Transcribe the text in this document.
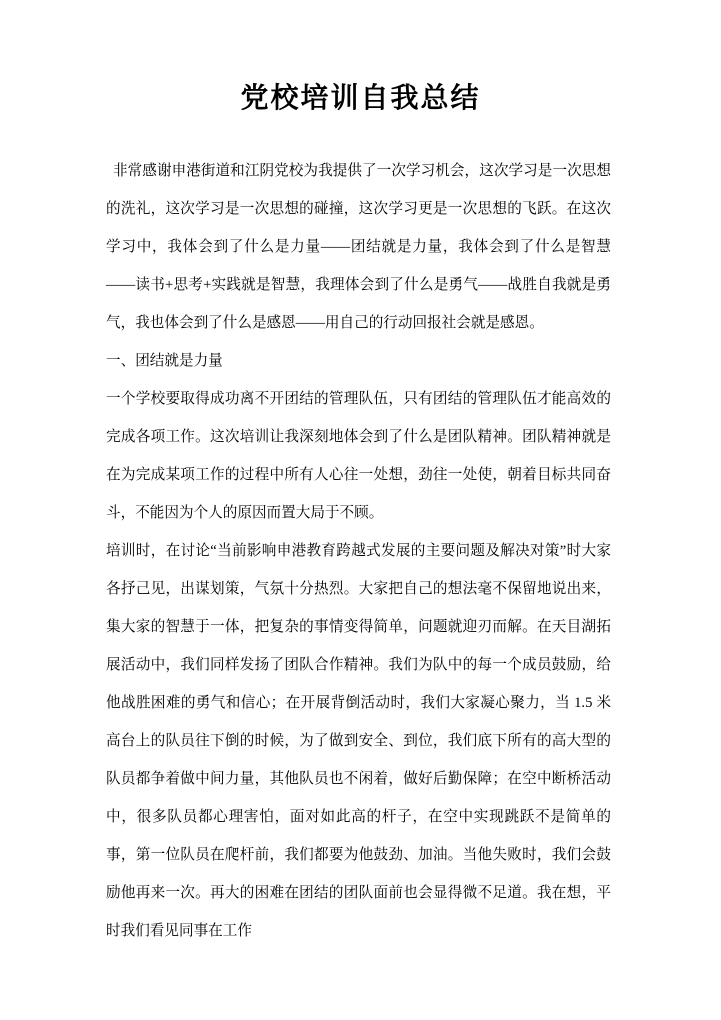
党校培训自我总结

非常感谢申港街道和江阴党校为我提供了一次学习机会，这次学习是一次思想的洗礼，这次学习是一次思想的碰撞，这次学习更是一次思想的飞跃。在这次学习中，我体会到了什么是力量——团结就是力量，我体会到了什么是智慧——读书+思考+实践就是智慧，我理体会到了什么是勇气——战胜自我就是勇气，我也体会到了什么是感恩——用自己的行动回报社会就是感恩。

一、团结就是力量

一个学校要取得成功离不开团结的管理队伍，只有团结的管理队伍才能高效的完成各项工作。这次培训让我深刻地体会到了什么是团队精神。团队精神就是在为完成某项工作的过程中所有人心往一处想，劲往一处使，朝着目标共同奋斗，不能因为个人的原因而置大局于不顾。

培训时，在讨论“当前影响申港教育跨越式发展的主要问题及解决对策”时大家各抒己见，出谋划策，气氛十分热烈。大家把自己的想法毫不保留地说出来，集大家的智慧于一体，把复杂的事情变得简单，问题就迎刃而解。在天目湖拓展活动中，我们同样发扬了团队合作精神。我们为队中的每一个成员鼓励，给他战胜困难的勇气和信心；在开展背倒活动时，我们大家凝心聚力，当 1.5 米高台上的队员往下倒的时候，为了做到安全、到位，我们底下所有的高大型的队员都争着做中间力量，其他队员也不闲着，做好后勤保障；在空中断桥活动中，很多队员都心理害怕，面对如此高的杆子，在空中实现跳跃不是简单的事，第一位队员在爬杆前，我们都要为他鼓劲、加油。当他失败时，我们会鼓励他再来一次。再大的困难在团结的团队面前也会显得微不足道。我在想，平时我们看见同事在工作
